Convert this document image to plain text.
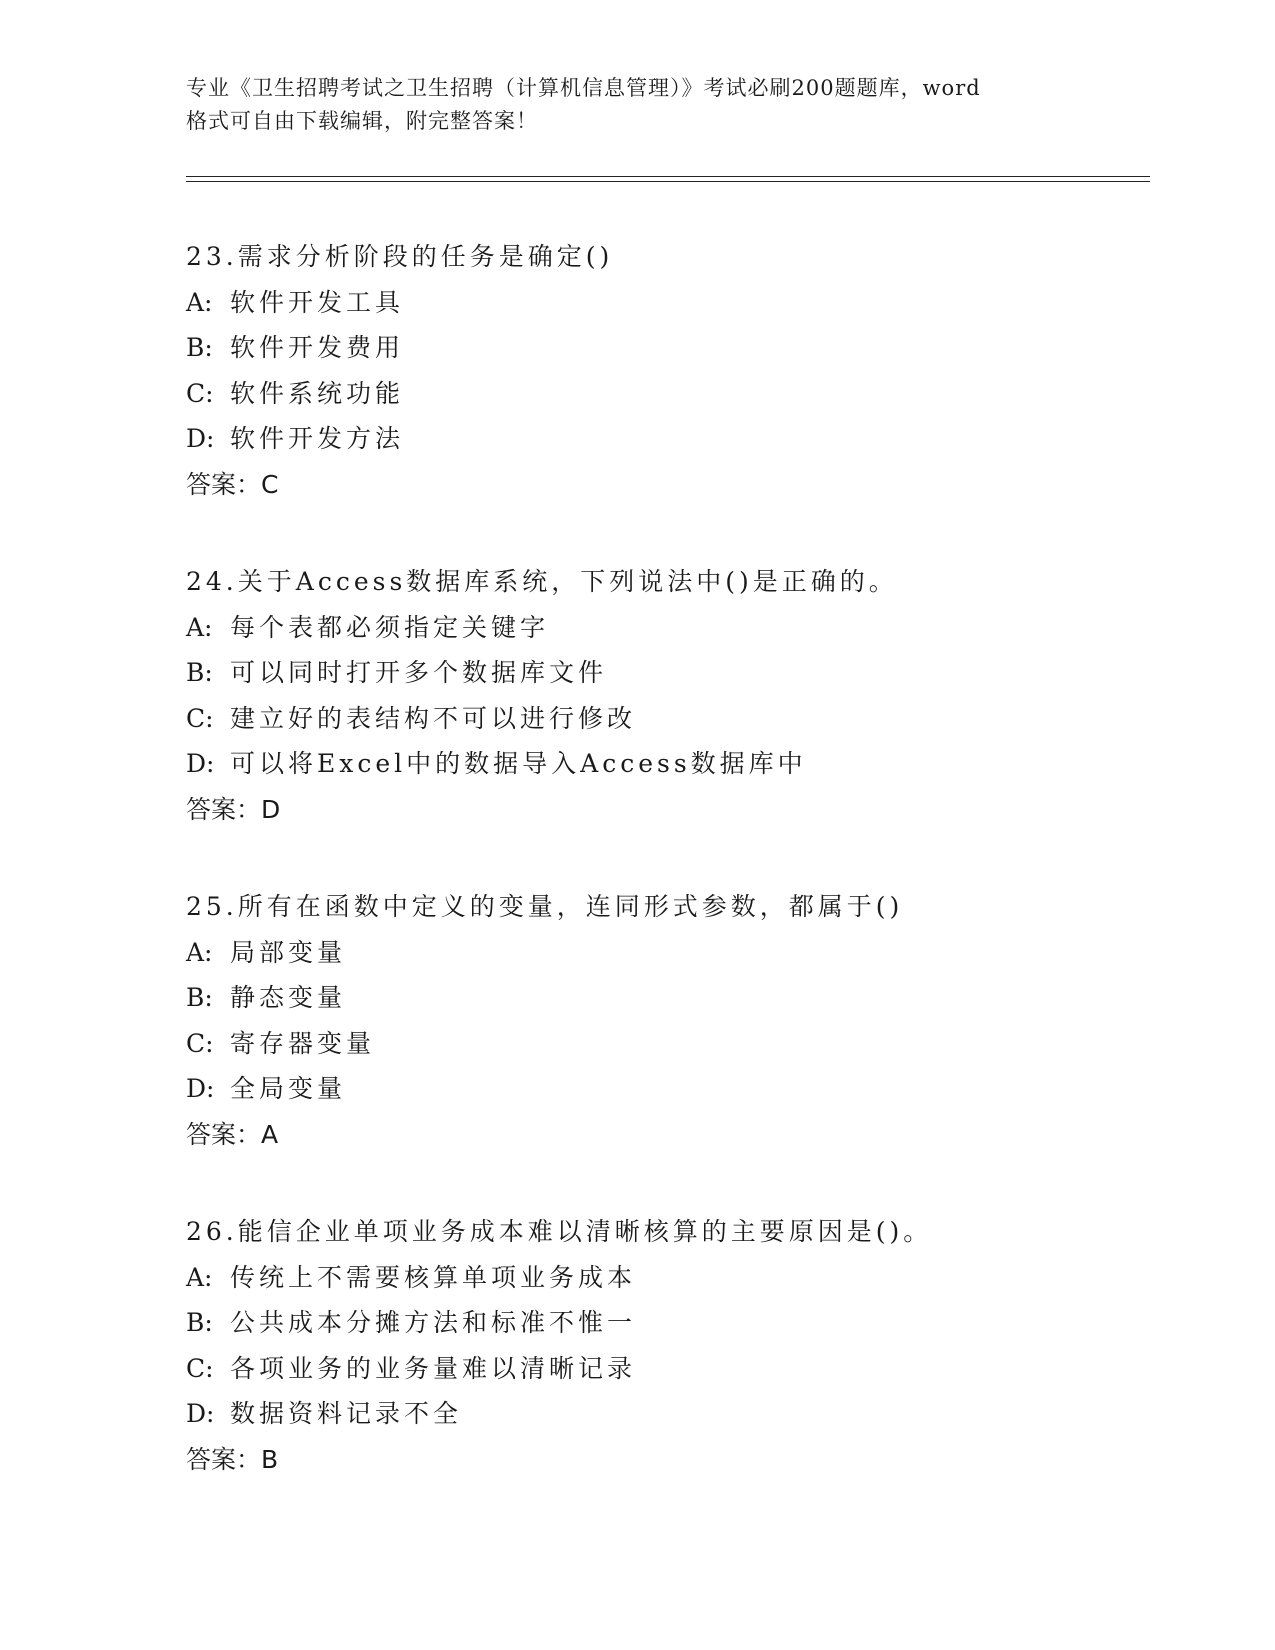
专业《卫生招聘考试之卫生招聘（计算机信息管理）》考试必刷200题题库，word
格式可自由下载编辑，附完整答案！
23.需求分析阶段的任务是确定()
A: 软件开发工具
B: 软件开发费用
C: 软件系统功能
D: 软件开发方法
答案：C
24.关于Access数据库系统，下列说法中()是正确的。
A: 每个表都必须指定关键字
B: 可以同时打开多个数据库文件
C: 建立好的表结构不可以进行修改
D: 可以将Excel中的数据导入Access数据库中
答案：D
25.所有在函数中定义的变量，连同形式参数，都属于()
A: 局部变量
B: 静态变量
C: 寄存器变量
D: 全局变量
答案：A
26.能信企业单项业务成本难以清晰核算的主要原因是()。
A: 传统上不需要核算单项业务成本
B: 公共成本分摊方法和标准不惟一
C: 各项业务的业务量难以清晰记录
D: 数据资料记录不全
答案：B
